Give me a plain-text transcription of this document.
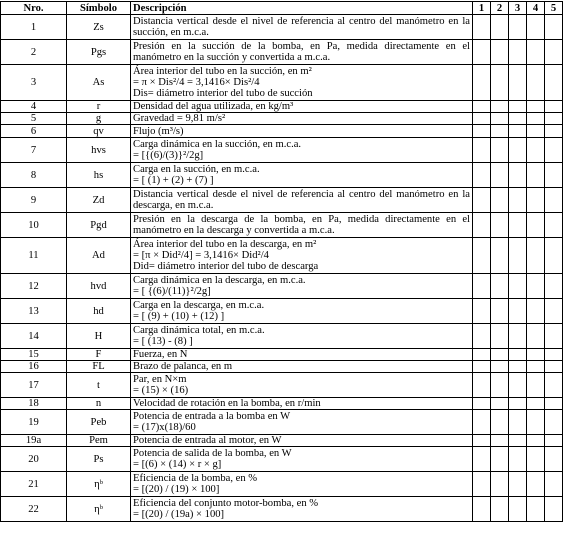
Nro.	Símbolo	Descripción	1	2	3	4	5
1	Zs	Distancia vertical desde el nivel de referencia al centro del manómetro en la succión, en m.c.a.					

2	Pgs	Presión en la succión de la bomba, en Pa, medida directamente en el manómetro en la succión y convertida a m.c.a.					

3	As	Área interior del tubo en la succión, en m²
= π × Dis²/4 = 3,1416× Dis²/4
Dis= diámetro interior del tubo de succión					

4	r	Densidad del agua utilizada, en kg/m³					

5	g	Gravedad = 9,81 m/s²					

6	qv	Flujo (m³/s)					

7	hvs	Carga dinámica en la succión, en m.c.a.
= [{(6)/(3)}²/2g]					

8	hs	Carga en la succión, en m.c.a.
= [ (1) + (2) + (7) ]					

9	Zd	Distancia vertical desde el nivel de referencia al centro del manómetro en la descarga, en m.c.a.					

10	Pgd	Presión en la descarga de la bomba, en Pa, medida directamente en el manómetro en la descarga y convertida a m.c.a.					

11	Ad	Área interior del tubo en la descarga, en m²
= [π × Did²/4] = 3,1416× Did²/4
Did= diámetro interior del tubo de descarga					

12	hvd	Carga dinámica en la descarga, en m.c.a.
= [ {(6)/(11)}²/2g]					

13	hd	Carga en la descarga, en m.c.a.
= [ (9) + (10) + (12) ]					

14	H	Carga dinámica total, en m.c.a.
= [ (13) - (8) ]					

15	F	Fuerza, en N					

16	FL	Brazo de palanca, en m					

17	t	Par, en N×m
= (15) × (16)					

18	n	Velocidad de rotación en la bomba, en r/min					

19	Peb	Potencia de entrada a la bomba en W
= (17)x(18)/60					

19a	Pem	Potencia de entrada al motor, en W					

20	Ps	Potencia de salida de la bomba, en W
= [(6) × (14) × r × g]					

21	ηᵇ	Eficiencia de la bomba, en %
= [(20) / (19) × 100]					

22	ηᵇ	Eficiencia del conjunto motor-bomba, en %
= [(20) / (19a) × 100]					
